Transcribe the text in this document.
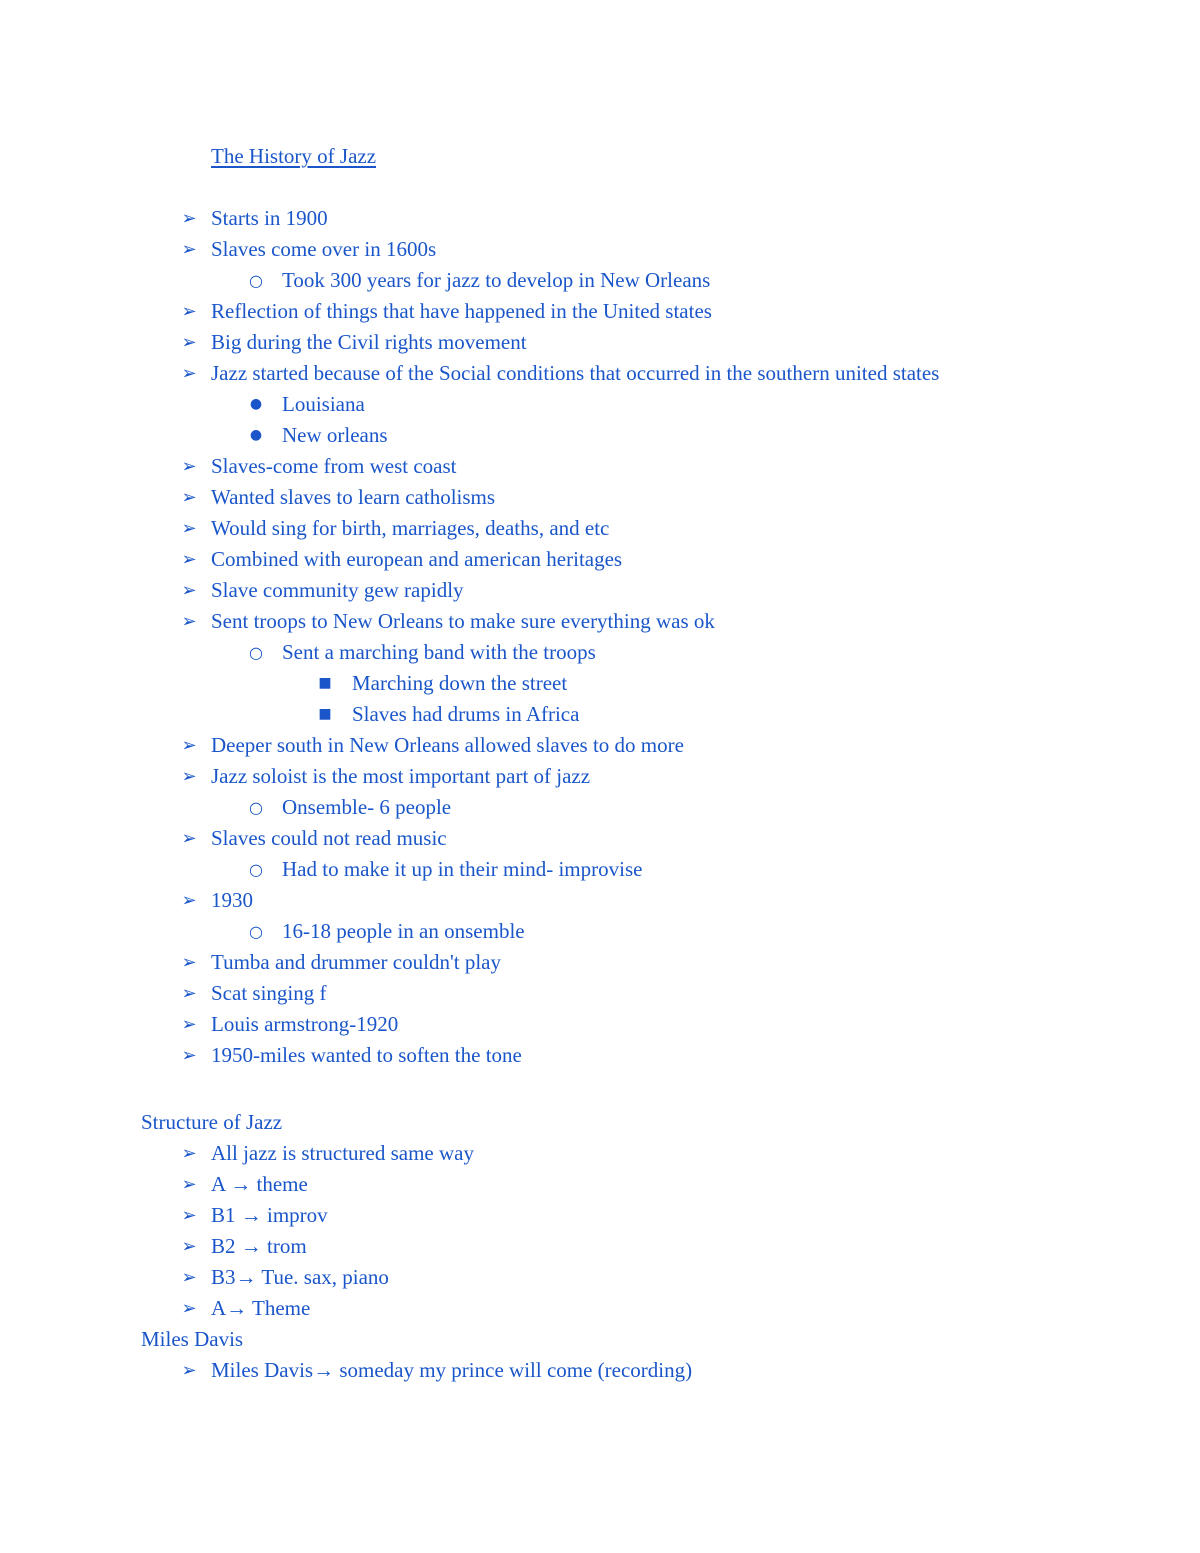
The History of Jazz
➢ Starts in 1900
➢ Slaves come over in 1600s
○ Took 300 years for jazz to develop in New Orleans
➢ Reflection of things that have happened in the United states
➢ Big during the Civil rights movement
➢ Jazz started because of the Social conditions that occurred in the southern united states
● Louisiana
● New orleans
➢ Slaves-come from west coast
➢ Wanted slaves to learn catholisms
➢ Would sing for birth, marriages, deaths, and etc
➢ Combined with european and american heritages
➢ Slave community gew rapidly
➢ Sent troops to New Orleans to make sure everything was ok
○ Sent a marching band with the troops
■ Marching down the street
■ Slaves had drums in Africa
➢ Deeper south in New Orleans allowed slaves to do more
➢ Jazz soloist is the most important part of jazz
○ Onsemble- 6 people
➢ Slaves could not read music
○ Had to make it up in their mind- improvise
➢ 1930
○ 16-18 people in an onsemble
➢ Tumba and drummer couldn't play
➢ Scat singing f
➢ Louis armstrong-1920
➢ 1950-miles wanted to soften the tone
Structure of Jazz
➢ All jazz is structured same way
➢ A → theme
➢ B1 → improv
➢ B2 → trom
➢ B3→ Tue. sax, piano
➢ A→ Theme
Miles Davis
➢ Miles Davis→ someday my prince will come (recording)
